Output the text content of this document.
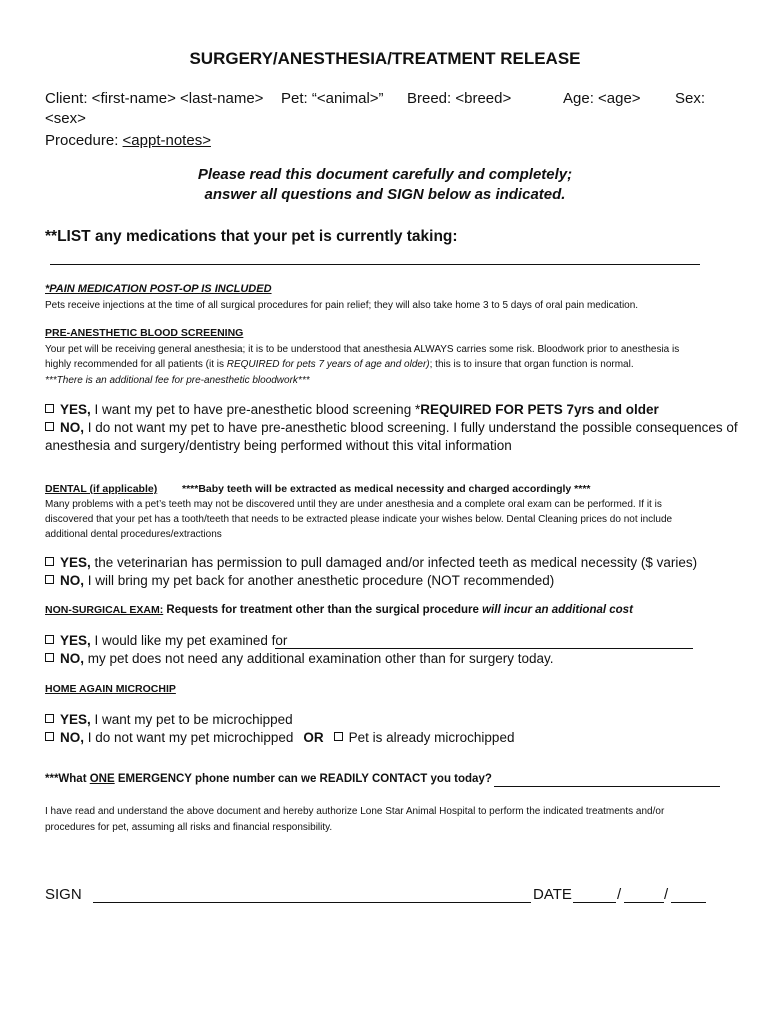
SURGERY/ANESTHESIA/TREATMENT RELEASE
Client: <first-name> <last-name> Pet: “<animal>” Breed: <breed>	Age: <age> Sex:
<sex>
Procedure: <appt-notes>
Please read this document carefully and completely;
answer all questions and SIGN below as indicated.
**LIST any medications that your pet is currently taking:
*PAIN MEDICATION POST-OP IS INCLUDED
Pets receive injections at the time of all surgical procedures for pain relief; they will also take home 3 to 5 days of oral pain medication.
PRE-ANESTHETIC BLOOD SCREENING
Your pet will be receiving general anesthesia; it is to be understood that anesthesia ALWAYS carries some risk. Bloodwork prior to anesthesia is
highly recommended for all patients (it is REQUIRED for pets 7 years of age and older); this is to insure that organ function is normal.
***There is an additional fee for pre-anesthetic bloodwork***
YES, I want my pet to have pre-anesthetic blood screening *REQUIRED FOR PETS 7yrs and older
NO, I do not want my pet to have pre-anesthetic blood screening. I fully understand the possible consequences of
anesthesia and surgery/dentistry being performed without this vital information
DENTAL (if applicable) ****Baby teeth will be extracted as medical necessity and charged accordingly ****
Many problems with a pet’s teeth may not be discovered until they are under anesthesia and a complete oral exam can be performed. If it is
discovered that your pet has a tooth/teeth that needs to be extracted please indicate your wishes below. Dental Cleaning prices do not include
additional dental procedures/extractions
YES, the veterinarian has permission to pull damaged and/or infected teeth as medical necessity ($ varies)
NO, I will bring my pet back for another anesthetic procedure (NOT recommended)
NON-SURGICAL EXAM: Requests for treatment other than the surgical procedure will incur an additional cost
YES, I would like my pet examined for
NO, my pet does not need any additional examination other than for surgery today.
HOME AGAIN MICROCHIP
YES, I want my pet to be microchipped
NO, I do not want my pet microchipped OR Pet is already microchipped
***What ONE EMERGENCY phone number can we READILY CONTACT you today?
I have read and understand the above document and hereby authorize Lone Star Animal Hospital to perform the indicated treatments and/or
procedures for pet, assuming all risks and financial responsibility.
SIGN	DATE	/	/
